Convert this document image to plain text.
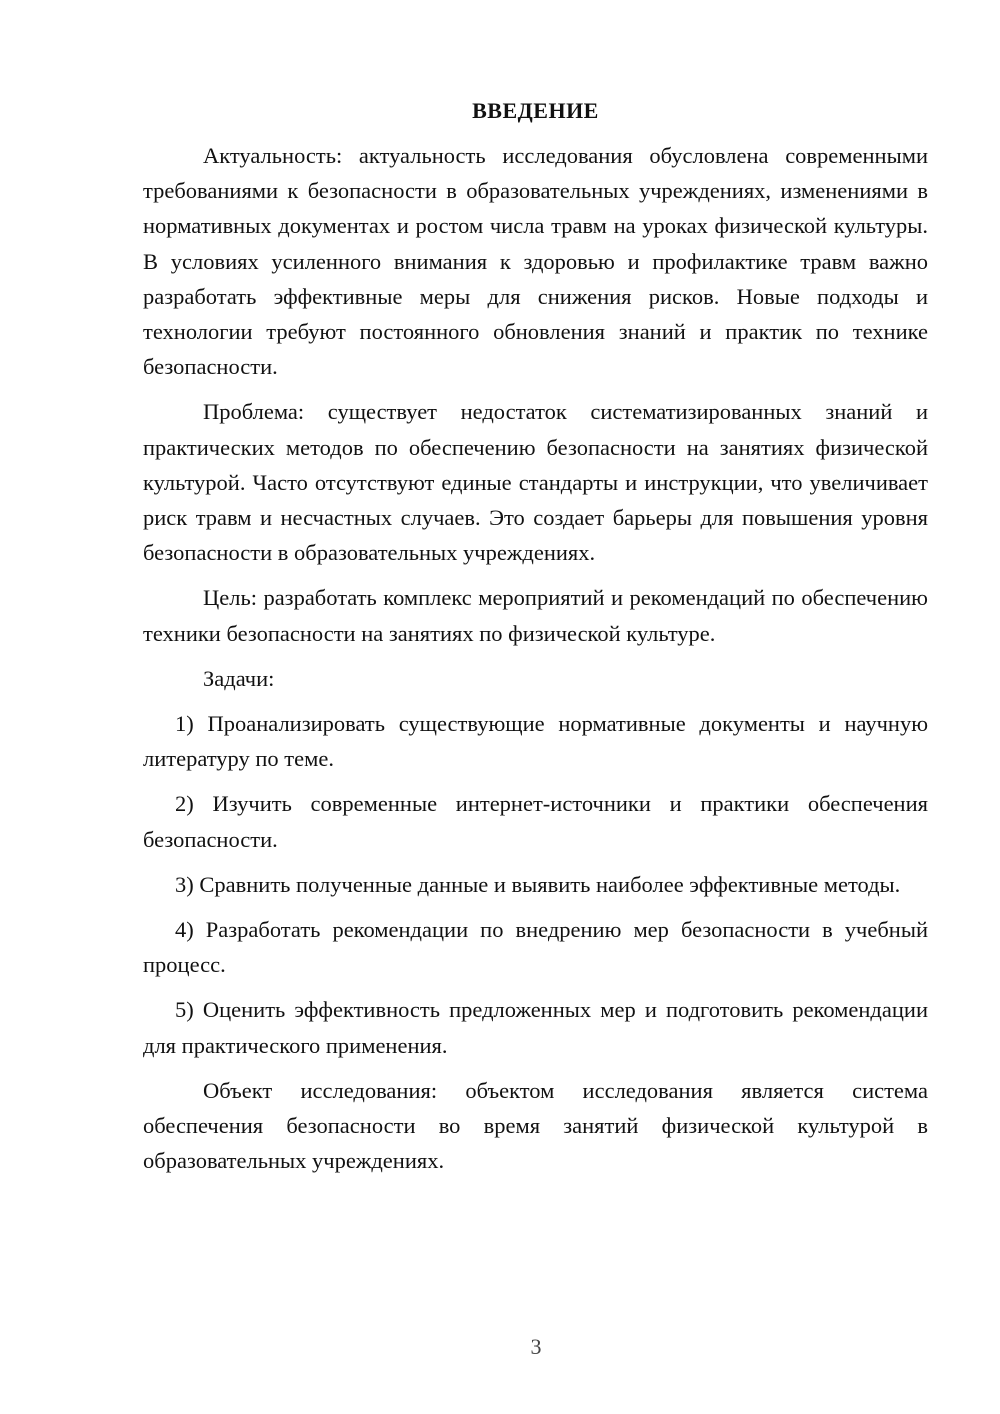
ВВЕДЕНИЕ

Актуальность: актуальность исследования обусловлена современными требованиями к безопасности в образовательных учреждениях, изменениями в нормативных документах и ростом числа травм на уроках физической культуры. В условиях усиленного внимания к здоровью и профилактике травм важно разработать эффективные меры для снижения рисков. Новые подходы и технологии требуют постоянного обновления знаний и практик по технике безопасности.

Проблема: существует недостаток систематизированных знаний и практических методов по обеспечению безопасности на занятиях физической культурой. Часто отсутствуют единые стандарты и инструкции, что увеличивает риск травм и несчастных случаев. Это создает барьеры для повышения уровня безопасности в образовательных учреждениях.

Цель: разработать комплекс мероприятий и рекомендаций по обеспечению техники безопасности на занятиях по физической культуре.

Задачи:

1) Проанализировать существующие нормативные документы и научную литературу по теме.

2) Изучить современные интернет-источники и практики обеспечения безопасности.

3) Сравнить полученные данные и выявить наиболее эффективные методы.

4) Разработать рекомендации по внедрению мер безопасности в учебный процесс.

5) Оценить эффективность предложенных мер и подготовить рекомендации для практического применения.

Объект исследования: объектом исследования является система обеспечения безопасности во время занятий физической культурой в образовательных учреждениях.

3
